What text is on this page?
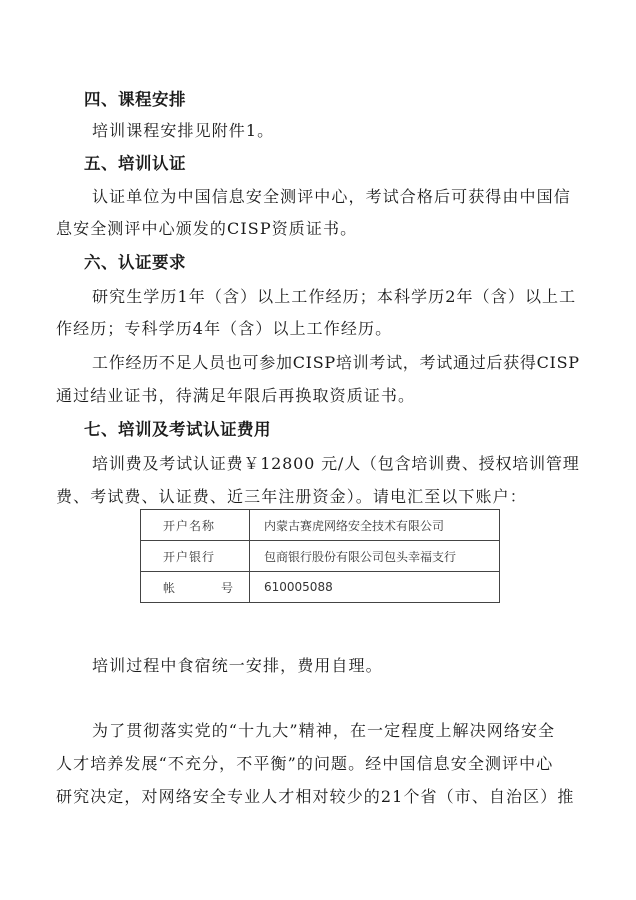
四、课程安排
培训课程安排见附件1。
五、培训认证
认证单位为中国信息安全测评中心，考试合格后可获得由中国信
息安全测评中心颁发的CISP资质证书。
六、认证要求
研究生学历1年（含）以上工作经历；本科学历2年（含）以上工
作经历；专科学历4年（含）以上工作经历。
工作经历不足人员也可参加CISP培训考试，考试通过后获得CISP
通过结业证书，待满足年限后再换取资质证书。
七、培训及考试认证费用
培训费及考试认证费￥12800 元/人（包含培训费、授权培训管理
费、考试费、认证费、近三年注册资金）。请电汇至以下账户：
开户名称	内蒙古赛虎网络安全技术有限公司
开户银行	包商银行股份有限公司包头幸福支行
帐 号	610005088
培训过程中食宿统一安排，费用自理。
为了贯彻落实党的“十九大”精神，在一定程度上解决网络安全
人才培养发展“不充分，不平衡”的问题。经中国信息安全测评中心
研究决定，对网络安全专业人才相对较少的21个省（市、自治区）推
